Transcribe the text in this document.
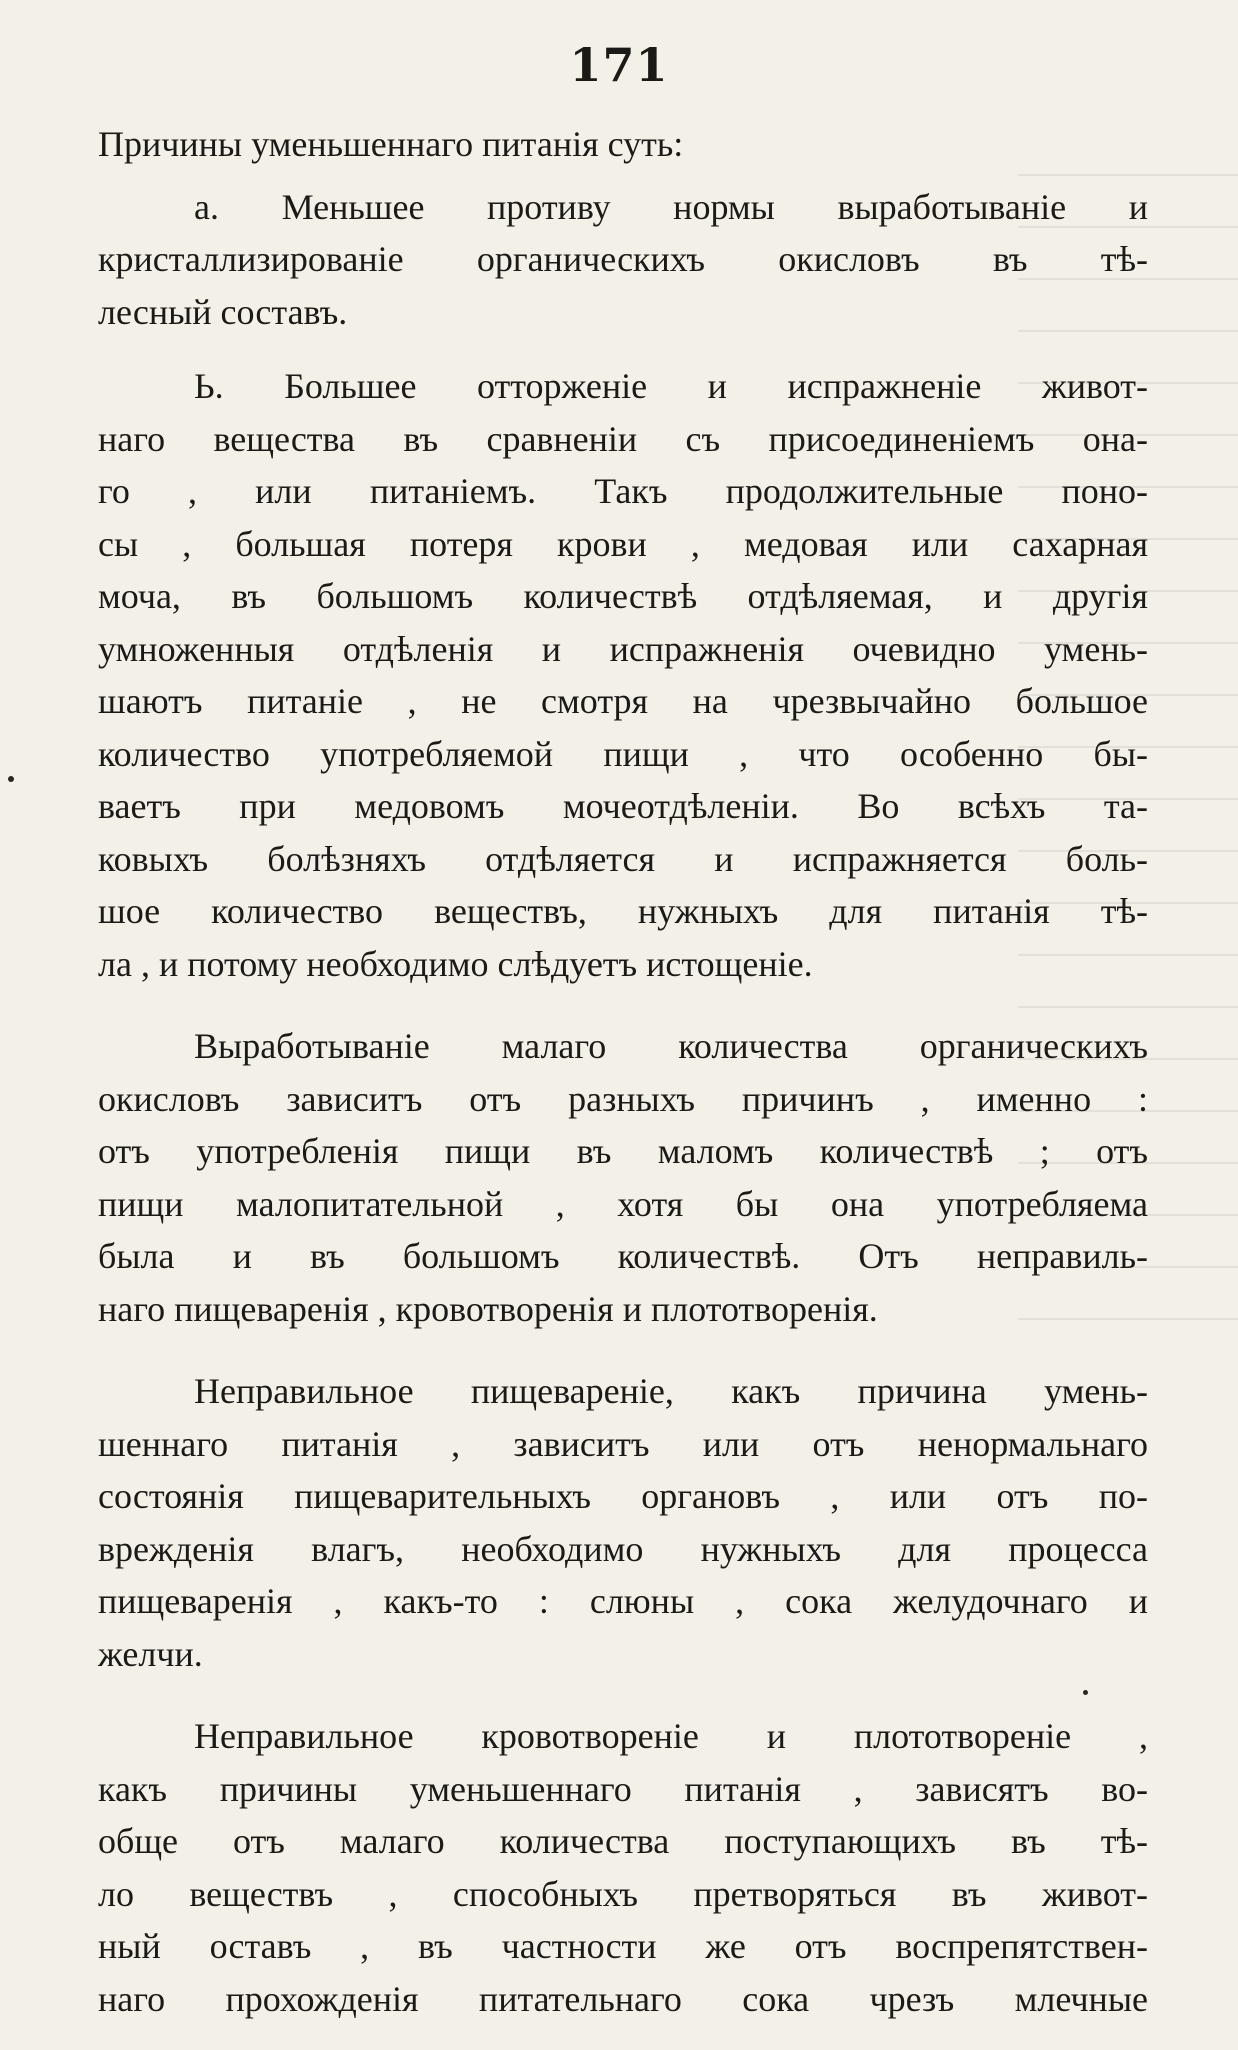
171

Причины уменьшеннаго питанія суть:

а. Меньшее противу нормы выработываніе и
кристаллизированіе органическихъ окисловъ въ тѣ-
лесный составъ.

Ь. Большее отторженіе и испражненіе живот-
наго вещества въ сравненіи съ присоединеніемъ она-
го , или питаніемъ. Такъ продолжительные поно-
сы , большая потеря крови , медовая или сахарная
моча, въ большомъ количествѣ отдѣляемая, и другія
умноженныя отдѣленія и испражненія очевидно умень-
шаютъ питаніе , не смотря на чрезвычайно большое
количество употребляемой пищи , что особенно бы-
ваетъ при медовомъ мочеотдѣленіи. Во всѣхъ та-
ковыхъ болѣзняхъ отдѣляется и испражняется боль-
шое количество веществъ, нужныхъ для питанія тѣ-
ла , и потому необходимо слѣдуетъ истощеніе.

Выработываніе малаго количества органическихъ
окисловъ зависитъ отъ разныхъ причинъ , именно :
отъ употребленія пищи въ маломъ количествѣ ; отъ
пищи малопитательной , хотя бы она употребляема
была и въ большомъ количествѣ. Отъ неправиль-
наго пищеваренія , кровотворенія и плототворенія.

Неправильное пищевареніе, какъ причина умень-
шеннаго питанія , зависитъ или отъ ненормальнаго
состоянія пищеварительныхъ органовъ , или отъ по-
врежденія влагъ, необходимо нужныхъ для процесса
пищеваренія , какъ-то : слюны , сока желудочнаго и
желчи.

Неправильное кровотвореніе и плототвореніе ,
какъ причины уменьшеннаго питанія , зависятъ во-
обще отъ малаго количества поступающихъ въ тѣ-
ло веществъ , способныхъ претворяться въ живот-
ный оставъ , въ частности же отъ воспрепятствен-
наго прохожденія питательнаго сока чрезъ млечные
